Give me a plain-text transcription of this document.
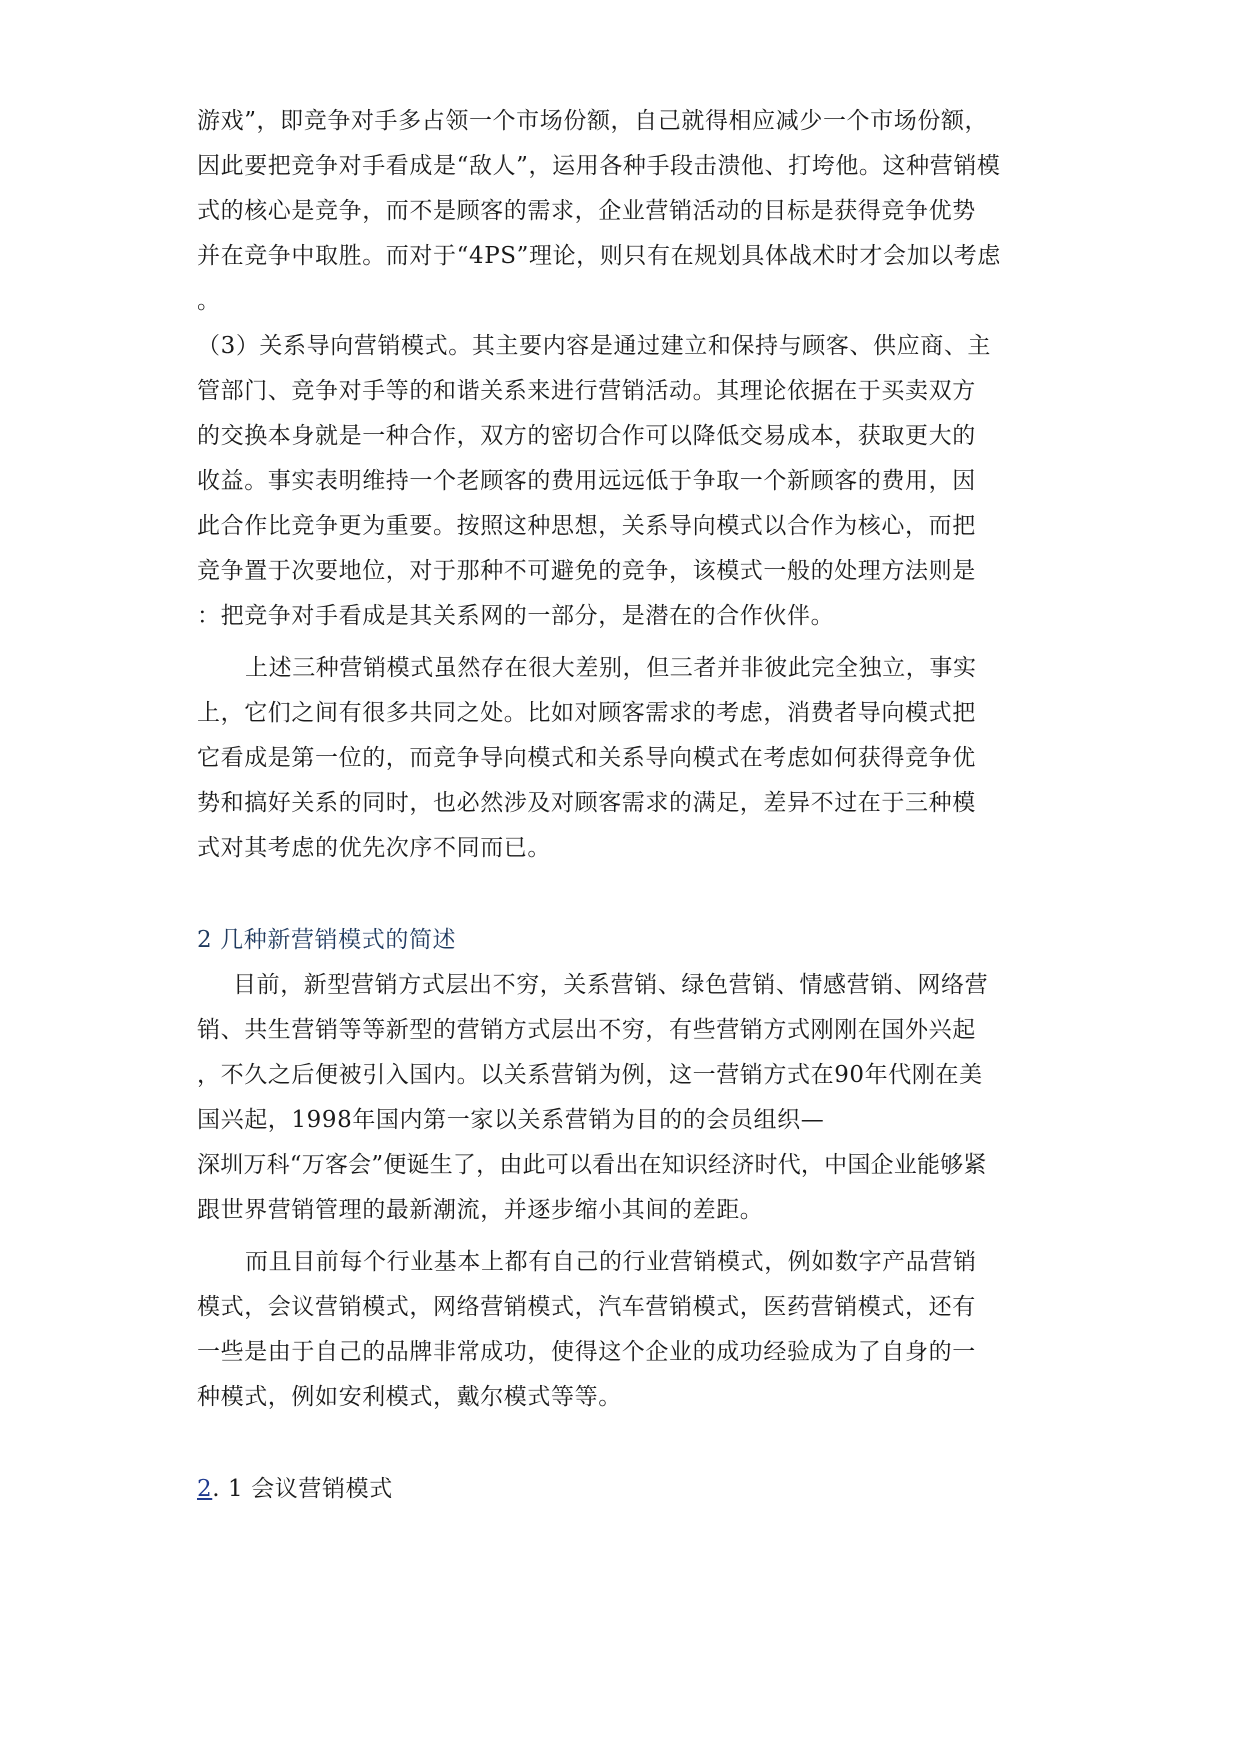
游戏”，即竞争对手多占领一个市场份额，自己就得相应减少一个市场份额，
因此要把竞争对手看成是“敌人”，运用各种手段击溃他、打垮他。这种营销模
式的核心是竞争，而不是顾客的需求，企业营销活动的目标是获得竞争优势
并在竞争中取胜。而对于“4PS”理论，则只有在规划具体战术时才会加以考虑
。
（3）关系导向营销模式。其主要内容是通过建立和保持与顾客、供应商、主
管部门、竞争对手等的和谐关系来进行营销活动。其理论依据在于买卖双方
的交换本身就是一种合作，双方的密切合作可以降低交易成本，获取更大的
收益。事实表明维持一个老顾客的费用远远低于争取一个新顾客的费用，因
此合作比竞争更为重要。按照这种思想，关系导向模式以合作为核心，而把
竞争置于次要地位，对于那种不可避免的竞争，该模式一般的处理方法则是
：把竞争对手看成是其关系网的一部分，是潜在的合作伙伴。
上述三种营销模式虽然存在很大差别，但三者并非彼此完全独立，事实
上，它们之间有很多共同之处。比如对顾客需求的考虑，消费者导向模式把
它看成是第一位的，而竞争导向模式和关系导向模式在考虑如何获得竞争优
势和搞好关系的同时，也必然涉及对顾客需求的满足，差异不过在于三种模
式对其考虑的优先次序不同而已。
2 几种新营销模式的简述
目前，新型营销方式层出不穷，关系营销、绿色营销、情感营销、网络营
销、共生营销等等新型的营销方式层出不穷，有些营销方式刚刚在国外兴起
，不久之后便被引入国内。以关系营销为例，这一营销方式在90年代刚在美
国兴起，1998年国内第一家以关系营销为目的的会员组织—
深圳万科“万客会”便诞生了，由此可以看出在知识经济时代，中国企业能够紧
跟世界营销管理的最新潮流，并逐步缩小其间的差距。
而且目前每个行业基本上都有自己的行业营销模式，例如数字产品营销
模式，会议营销模式，网络营销模式，汽车营销模式，医药营销模式，还有
一些是由于自己的品牌非常成功，使得这个企业的成功经验成为了自身的一
种模式，例如安利模式，戴尔模式等等。
2. 1 会议营销模式
